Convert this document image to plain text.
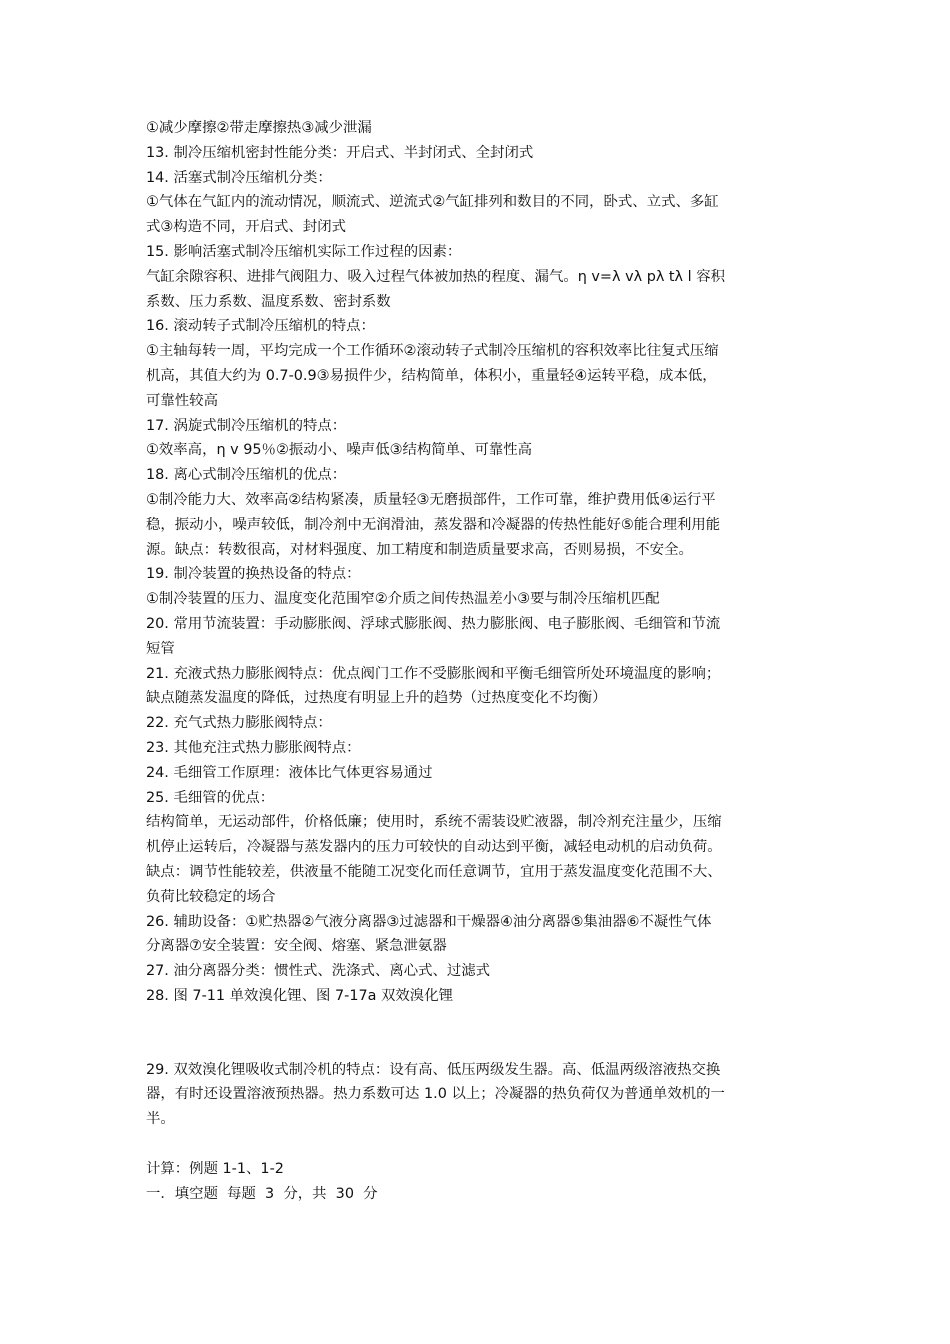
①减少摩擦②带走摩擦热③减少泄漏
13. 制冷压缩机密封性能分类：开启式、半封闭式、全封闭式
14. 活塞式制冷压缩机分类：
①气体在气缸内的流动情况，顺流式、逆流式②气缸排列和数目的不同，卧式、立式、多缸
式③构造不同，开启式、封闭式
15. 影响活塞式制冷压缩机实际工作过程的因素：
气缸余隙容积、进排气阀阻力、吸入过程气体被加热的程度、漏气。η v=λ vλ pλ tλ l 容积
系数、压力系数、温度系数、密封系数
16. 滚动转子式制冷压缩机的特点：
①主轴每转一周，平均完成一个工作循环②滚动转子式制冷压缩机的容积效率比往复式压缩
机高，其值大约为 0.7-0.9③易损件少，结构简单，体积小，重量轻④运转平稳，成本低，
可靠性较高
17. 涡旋式制冷压缩机的特点：
①效率高，η v 95％②振动小、噪声低③结构简单、可靠性高
18. 离心式制冷压缩机的优点：
①制冷能力大、效率高②结构紧凑，质量轻③无磨损部件，工作可靠，维护费用低④运行平
稳，振动小，噪声较低，制冷剂中无润滑油，蒸发器和冷凝器的传热性能好⑤能合理利用能
源。缺点：转数很高，对材料强度、加工精度和制造质量要求高，否则易损，不安全。
19. 制冷装置的换热设备的特点：
①制冷装置的压力、温度变化范围窄②介质之间传热温差小③要与制冷压缩机匹配
20. 常用节流装置：手动膨胀阀、浮球式膨胀阀、热力膨胀阀、电子膨胀阀、毛细管和节流
短管
21. 充液式热力膨胀阀特点：优点阀门工作不受膨胀阀和平衡毛细管所处环境温度的影响；
缺点随蒸发温度的降低，过热度有明显上升的趋势（过热度变化不均衡）
22. 充气式热力膨胀阀特点：
23. 其他充注式热力膨胀阀特点：
24. 毛细管工作原理：液体比气体更容易通过
25. 毛细管的优点：
结构简单，无运动部件，价格低廉；使用时，系统不需装设贮液器，制冷剂充注量少，压缩
机停止运转后，冷凝器与蒸发器内的压力可较快的自动达到平衡，减轻电动机的启动负荷。
缺点：调节性能较差，供液量不能随工况变化而任意调节，宜用于蒸发温度变化范围不大、
负荷比较稳定的场合
26. 辅助设备：①贮热器②气液分离器③过滤器和干燥器④油分离器⑤集油器⑥不凝性气体
分离器⑦安全装置：安全阀、熔塞、紧急泄氨器
27. 油分离器分类：惯性式、洗涤式、离心式、过滤式
28. 图 7-11 单效溴化锂、图 7-17a 双效溴化锂
29. 双效溴化锂吸收式制冷机的特点：设有高、低压两级发生器。高、低温两级溶液热交换
器，有时还设置溶液预热器。热力系数可达 1.0 以上；冷凝器的热负荷仅为普通单效机的一
半。
计算：例题 1-1、1-2
一．填空题  每题  3  分，共  30  分
